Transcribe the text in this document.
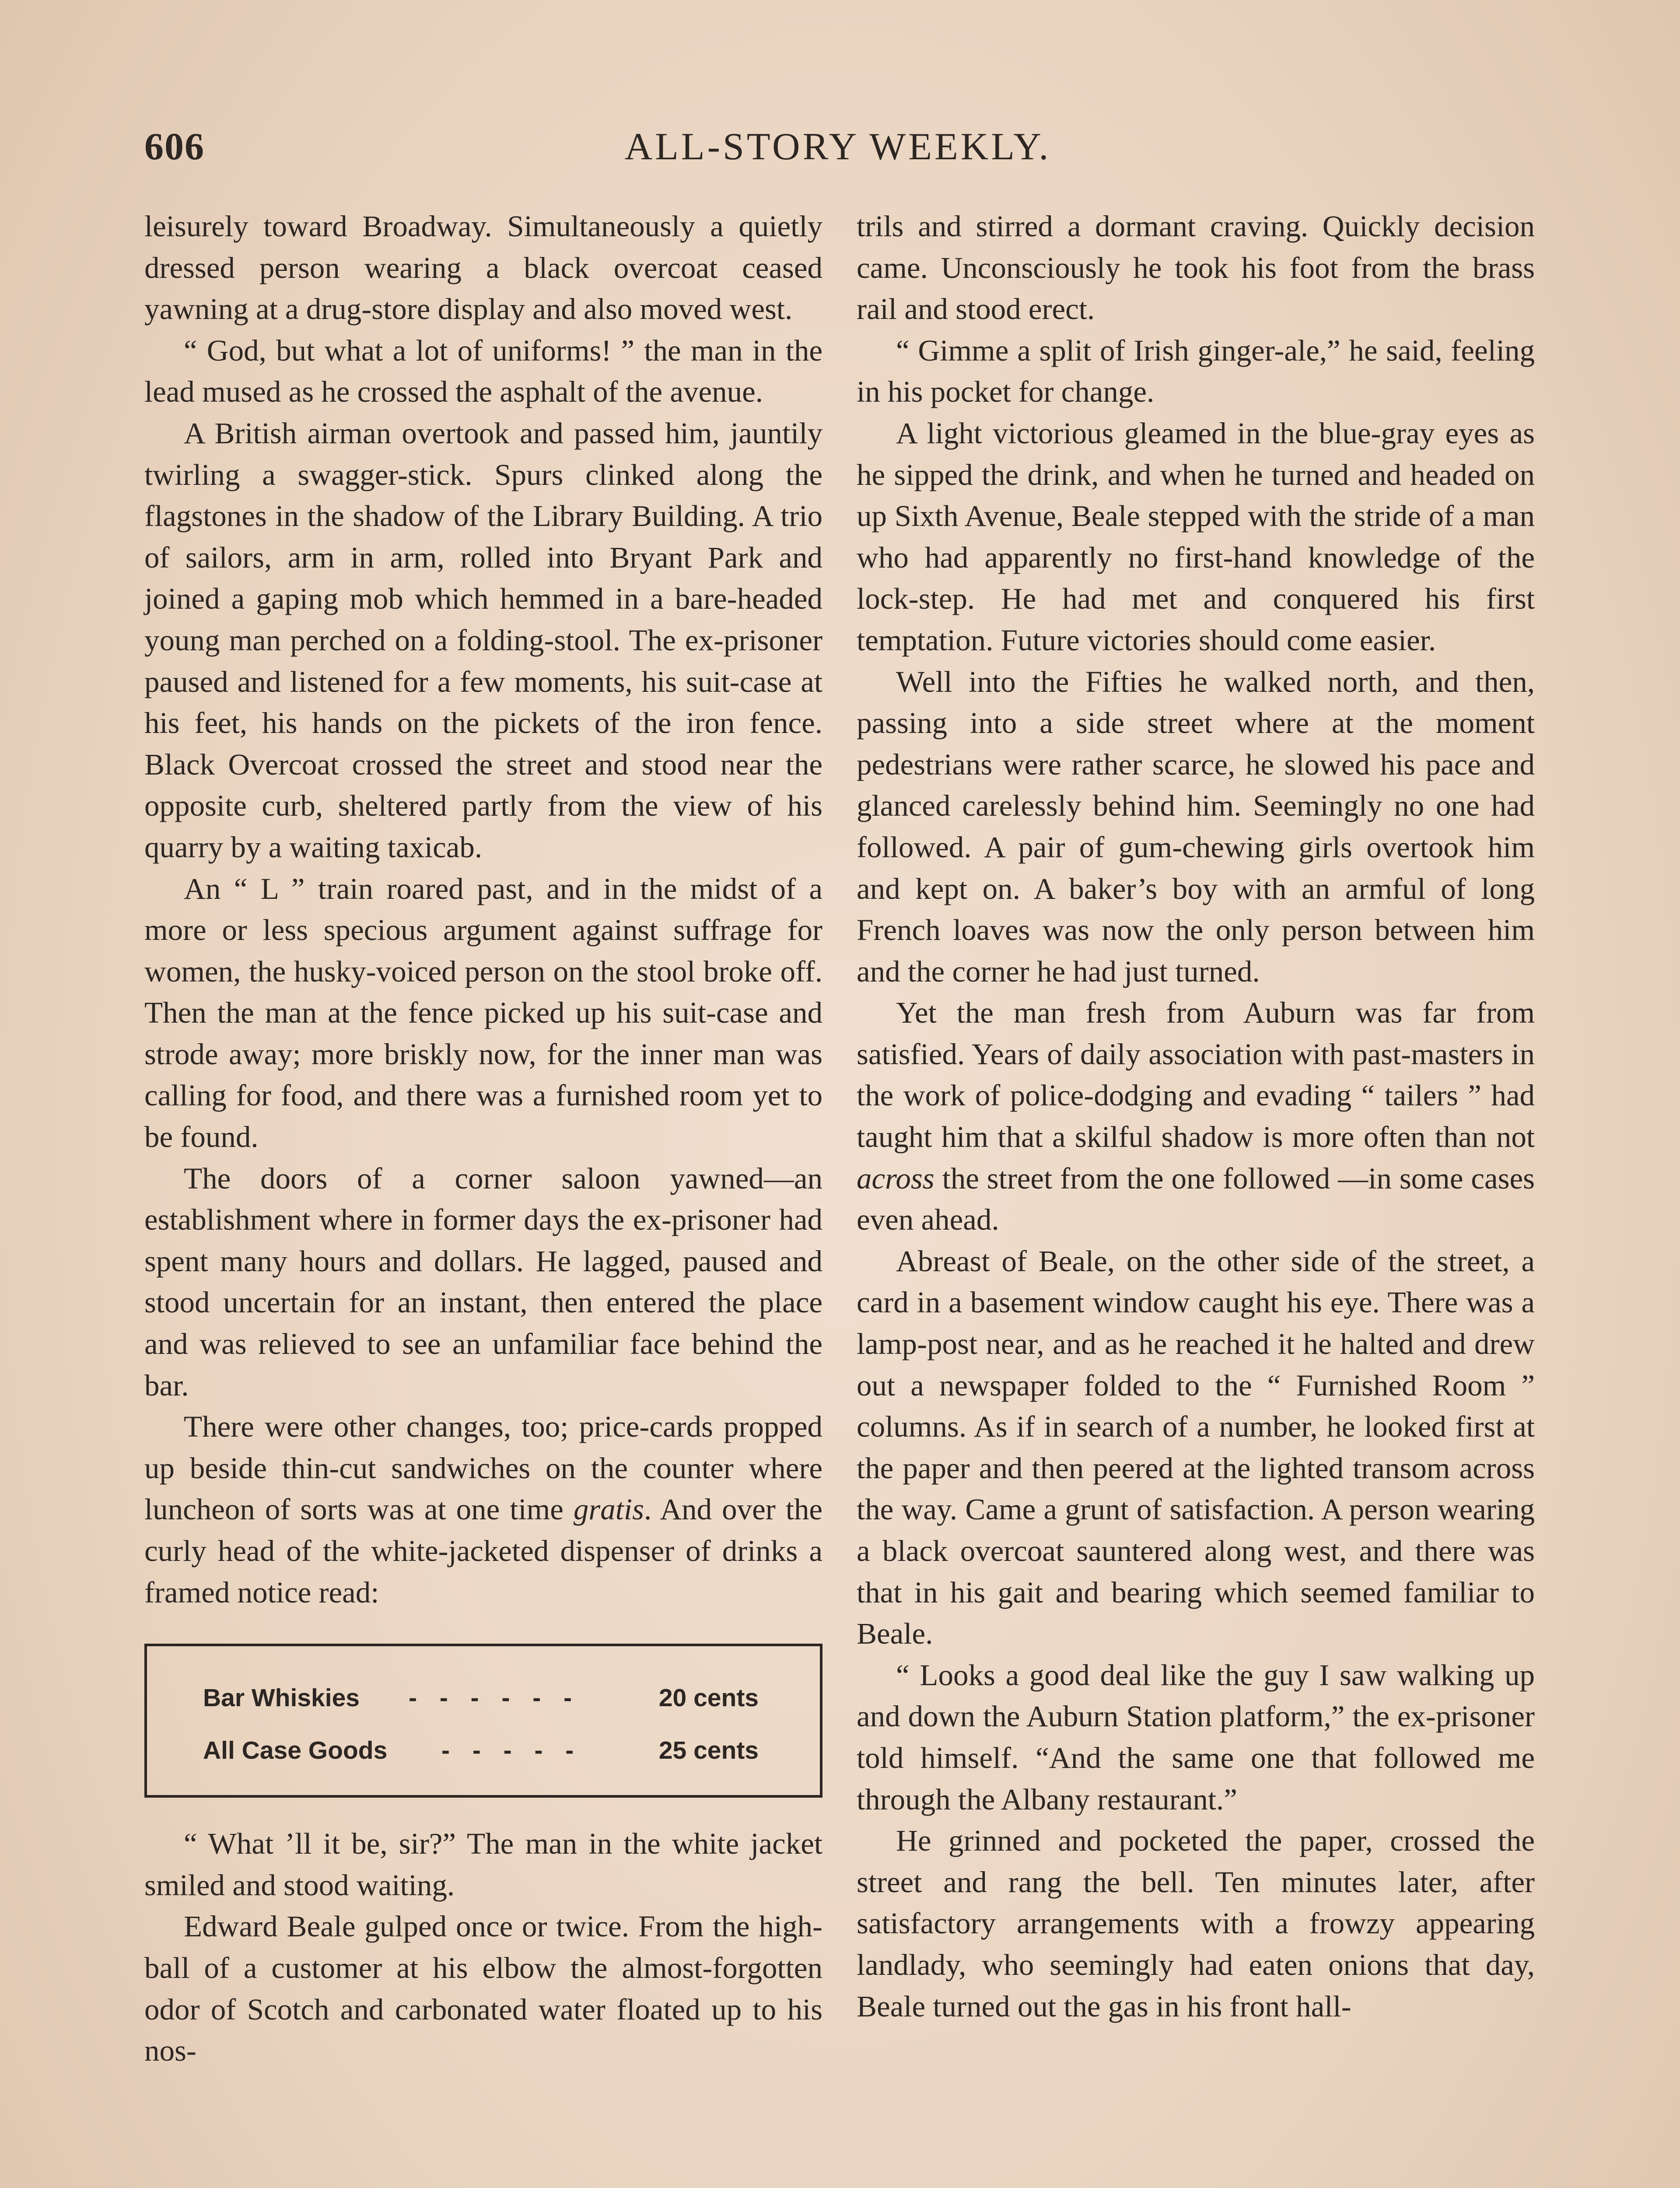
606	ALL-STORY WEEKLY.

leisurely toward Broadway. Simultaneously a quietly dressed person wearing a black overcoat ceased yawning at a drug-store display and also moved west.

“ God, but what a lot of uniforms! ” the man in the lead mused as he crossed the asphalt of the avenue.

A British airman overtook and passed him, jauntily twirling a swagger-stick. Spurs clinked along the flagstones in the shadow of the Library Building. A trio of sailors, arm in arm, rolled into Bryant Park and joined a gaping mob which hemmed in a bare-headed young man perched on a folding-stool. The ex-prisoner paused and listened for a few moments, his suit-case at his feet, his hands on the pickets of the iron fence. Black Overcoat crossed the street and stood near the opposite curb, sheltered partly from the view of his quarry by a waiting taxicab.

An “ L ” train roared past, and in the midst of a more or less specious argument against suffrage for women, the husky-voiced person on the stool broke off. Then the man at the fence picked up his suit-case and strode away; more briskly now, for the inner man was calling for food, and there was a furnished room yet to be found.

The doors of a corner saloon yawned—an establishment where in former days the ex-prisoner had spent many hours and dollars. He lagged, paused and stood uncertain for an instant, then entered the place and was relieved to see an unfamiliar face behind the bar.

There were other changes, too; price-cards propped up beside thin-cut sandwiches on the counter where luncheon of sorts was at one time gratis. And over the curly head of the white-jacketed dispenser of drinks a framed notice read:

Bar Whiskies - - - - - -	20 cents
All Case Goods - - - - -	25 cents

“ What ’ll it be, sir?” The man in the white jacket smiled and stood waiting.

Edward Beale gulped once or twice. From the high-ball of a customer at his elbow the almost-forgotten odor of Scotch and carbonated water floated up to his nos-

trils and stirred a dormant craving. Quickly decision came. Unconsciously he took his foot from the brass rail and stood erect.

“ Gimme a split of Irish ginger-ale,” he said, feeling in his pocket for change.

A light victorious gleamed in the blue-gray eyes as he sipped the drink, and when he turned and headed on up Sixth Avenue, Beale stepped with the stride of a man who had apparently no first-hand knowledge of the lock-step. He had met and conquered his first temptation. Future victories should come easier.

Well into the Fifties he walked north, and then, passing into a side street where at the moment pedestrians were rather scarce, he slowed his pace and glanced carelessly behind him. Seemingly no one had followed. A pair of gum-chewing girls overtook him and kept on. A baker’s boy with an armful of long French loaves was now the only person between him and the corner he had just turned.

Yet the man fresh from Auburn was far from satisfied. Years of daily association with past-masters in the work of police-dodging and evading “ tailers ” had taught him that a skilful shadow is more often than not across the street from the one followed —in some cases even ahead.

Abreast of Beale, on the other side of the street, a card in a basement window caught his eye. There was a lamp-post near, and as he reached it he halted and drew out a newspaper folded to the “ Furnished Room ” columns. As if in search of a number, he looked first at the paper and then peered at the lighted transom across the way. Came a grunt of satisfaction. A person wearing a black overcoat sauntered along west, and there was that in his gait and bearing which seemed familiar to Beale.

“ Looks a good deal like the guy I saw walking up and down the Auburn Station platform,” the ex-prisoner told himself. “And the same one that followed me through the Albany restaurant.”

He grinned and pocketed the paper, crossed the street and rang the bell. Ten minutes later, after satisfactory arrangements with a frowzy appearing landlady, who seemingly had eaten onions that day, Beale turned out the gas in his front hall-
